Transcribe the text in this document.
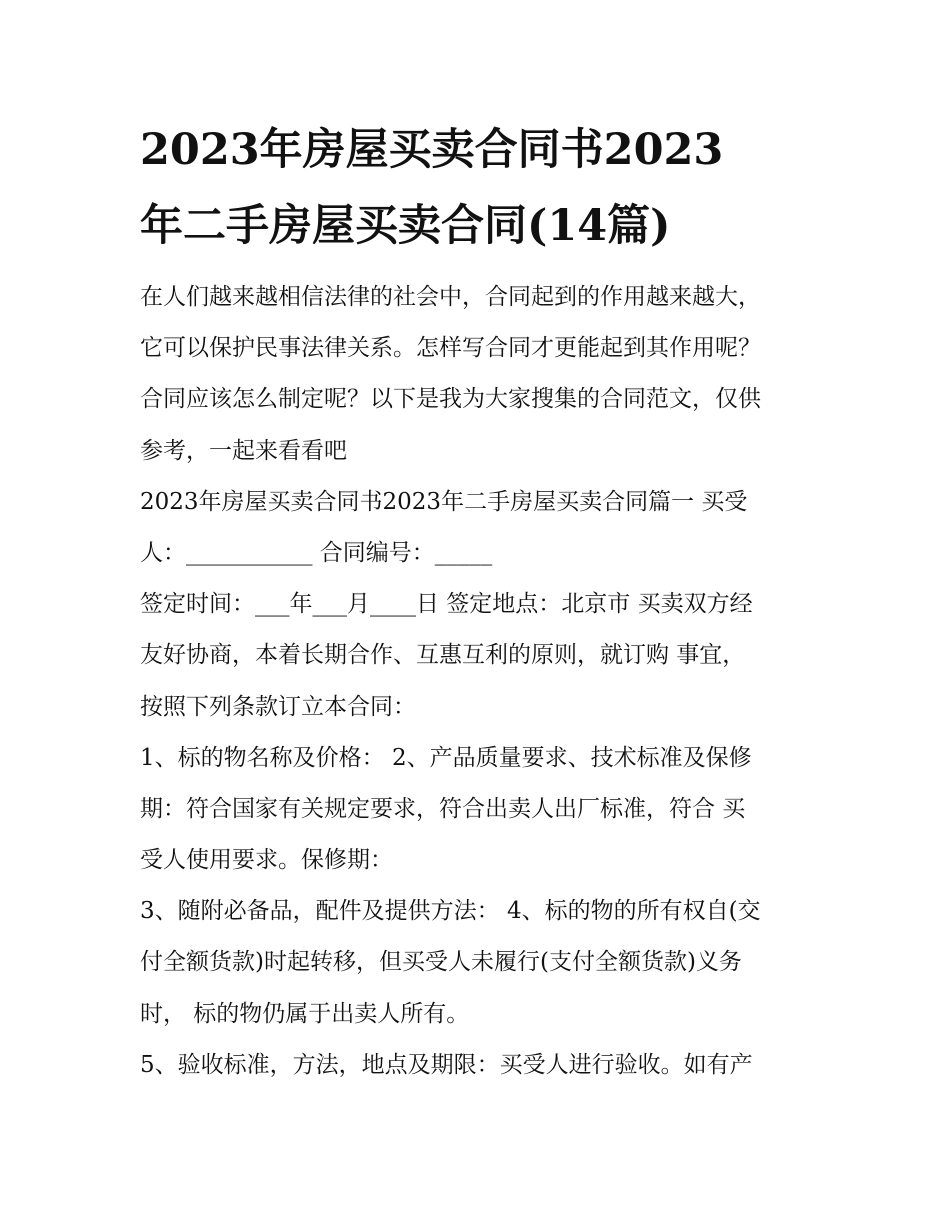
2023年房屋买卖合同书2023
年二手房屋买卖合同(14篇)
在人们越来越相信法律的社会中，合同起到的作用越来越大，
它可以保护民事法律关系。怎样写合同才更能起到其作用呢？
合同应该怎么制定呢？以下是我为大家搜集的合同范文，仅供
参考，一起来看看吧
2023年房屋买卖合同书2023年二手房屋买卖合同篇一 买受
人：___________ 合同编号：_____
签定时间：___年___月____日 签定地点：北京市 买卖双方经
友好协商，本着长期合作、互惠互利的原则，就订购 事宜，
按照下列条款订立本合同：
1、标的物名称及价格： 2、产品质量要求、技术标准及保修
期：符合国家有关规定要求，符合出卖人出厂标准，符合 买
受人使用要求。保修期：
3、随附必备品，配件及提供方法： 4、标的物的所有权自(交
付全额货款)时起转移，但买受人未履行(支付全额货款)义务
时， 标的物仍属于出卖人所有。
5、验收标准，方法，地点及期限：买受人进行验收。如有产
